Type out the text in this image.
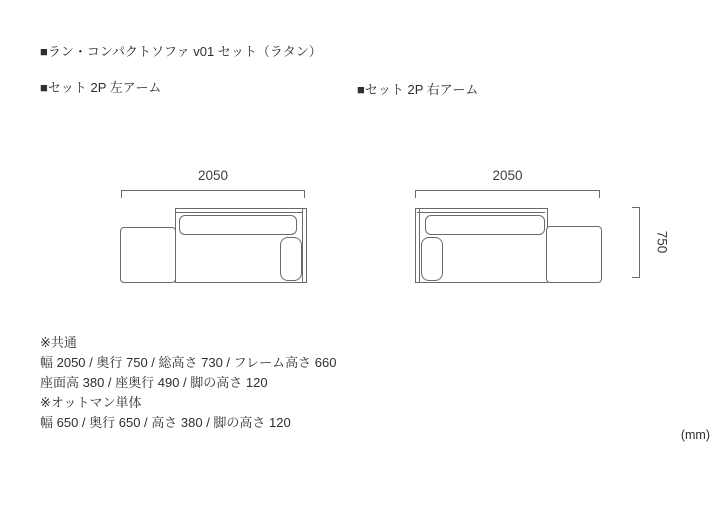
■ラン・コンパクトソファ v01 セット（ラタン）
■セット 2P 左アーム	■セット 2P 右アーム
2050	2050
750
※共通
幅 2050 / 奥行 750 / 総高さ 730 / フレーム高さ 660
座面高 380 / 座奥行 490 / 脚の高さ 120
※オットマン単体
幅 650 / 奥行 650 / 高さ 380 / 脚の高さ 120
(mm)
